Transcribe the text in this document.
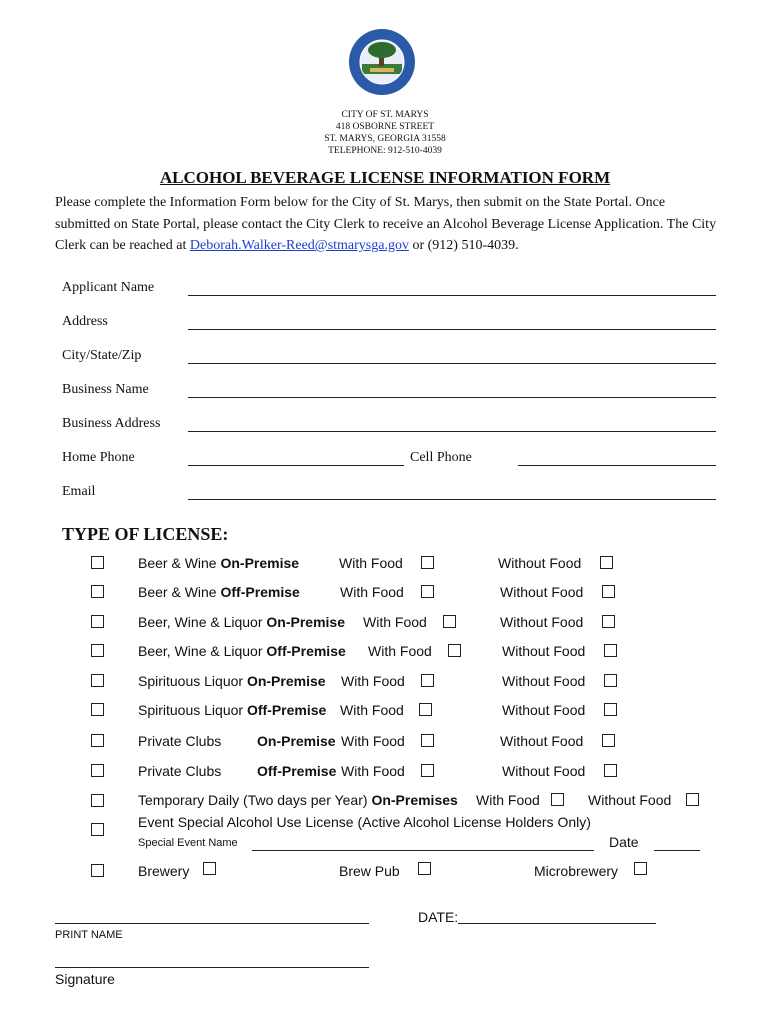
CITY OF ST. MARYS
418 OSBORNE STREET
ST. MARYS, GEORGIA 31558
TELEPHONE: 912-510-4039
ALCOHOL BEVERAGE LICENSE INFORMATION FORM
Please complete the Information Form below for the City of St. Marys, then submit on the State Portal. Once submitted on State Portal, please contact the City Clerk to receive an Alcohol Beverage License Application. The City Clerk can be reached at Deborah.Walker-Reed@stmarysga.gov or (912) 510-4039.
Applicant Name
Address
City/State/Zip
Business Name
Business Address
Home Phone	Cell Phone
Email
TYPE OF LICENSE:
Beer & Wine On-Premise	With Food	Without Food
Beer & Wine Off-Premise	With Food	Without Food
Beer, Wine & Liquor On-Premise With Food	Without Food
Beer, Wine & Liquor Off-Premise With Food	Without Food
Spirituous Liquor On-Premise With Food	Without Food
Spirituous Liquor Off-Premise With Food	Without Food
Private Clubs	On-Premise With Food	Without Food
Private Clubs	Off-Premise With Food	Without Food
Temporary Daily (Two days per Year) On-Premises With Food	Without Food
Event Special Alcohol Use License (Active Alcohol License Holders Only)
Special Event Name	Date
Brewery	Brew Pub	Microbrewery
DATE:
PRINT NAME
Signature
